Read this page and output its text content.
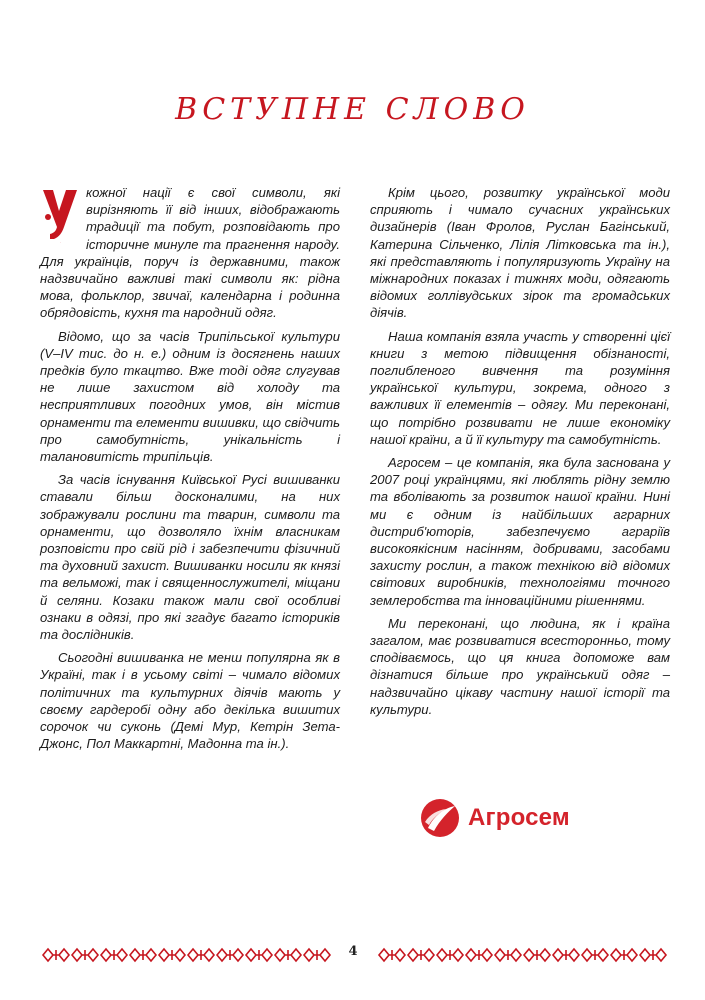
ВСТУПНЕ СЛОВО

У
кожної нації є свої символи, які вирізняють її від інших, відображають традиції та побут, розповідають про історичне минуле та прагнення народу. Для українців, поруч із державними, також надзвичайно важливі такі символи як: рідна мова, фольклор, звичаї, календарна і родинна обрядовість, кухня та народний одяг.

Відомо, що за часів Трипільської культури (V–IV тис. до н. е.) одним із досягнень наших предків було ткацтво. Вже тоді одяг слугував не лише захистом від холоду та несприятливих погодних умов, він містив орнаменти та елементи вишивки, що свідчить про самобутність, унікальність і талановитість трипільців.

За часів існування Київської Русі вишиванки ставали більш досконалими, на них зображували рослини та тварин, символи та орнаменти, що дозволяло їхнім власникам розповісти про свій рід і забезпечити фізичний та духовний захист. Вишиванки носили як князі та вельможі, так і священнослужителі, міщани й селяни. Козаки також мали свої особливі ознаки в одязі, про які згадує багато істориків та дослідників.

Сьогодні вишиванка не менш популярна як в Україні, так і в усьому світі – чимало відомих політичних та культурних діячів мають у своєму гардеробі одну або декілька вишитих сорочок чи суконь (Демі Мур, Кетрін Зета-Джонс, Пол Маккартні, Мадонна та ін.).

Крім цього, розвитку української моди сприяють і чимало сучасних українських дизайнерів (Іван Фролов, Руслан Багінський, Катерина Сільченко, Лілія Літковська та ін.), які представляють і популяризують Україну на міжнародних показах і тижнях моди, одягають відомих голлівудських зірок та громадських діячів.

Наша компанія взяла участь у створенні цієї книги з метою підвищення обізнаності, поглибленого вивчення та розуміння української культури, зокрема, одного з важливих її елементів – одягу. Ми переконані, що потрібно розвивати не лише економіку нашої країни, а й її культуру та самобутність.

Агросем – це компанія, яка була заснована у 2007 році українцями, які люблять рідну землю та вболівають за розвиток нашої країни. Нині ми є одним із найбільших аграрних дистриб'юторів, забезпечуємо аграріїв високоякісним насінням, добривами, засобами захисту рослин, а також технікою від відомих світових виробників, технологіями точного землеробства та інноваційними рішеннями.

Ми переконані, що людина, як і країна загалом, має розвиватися всесторонньо, тому сподіваємось, що ця книга допоможе вам дізнатися більше про український одяг – надзвичайно цікаву частину нашої історії та культури.

Агросем
4
